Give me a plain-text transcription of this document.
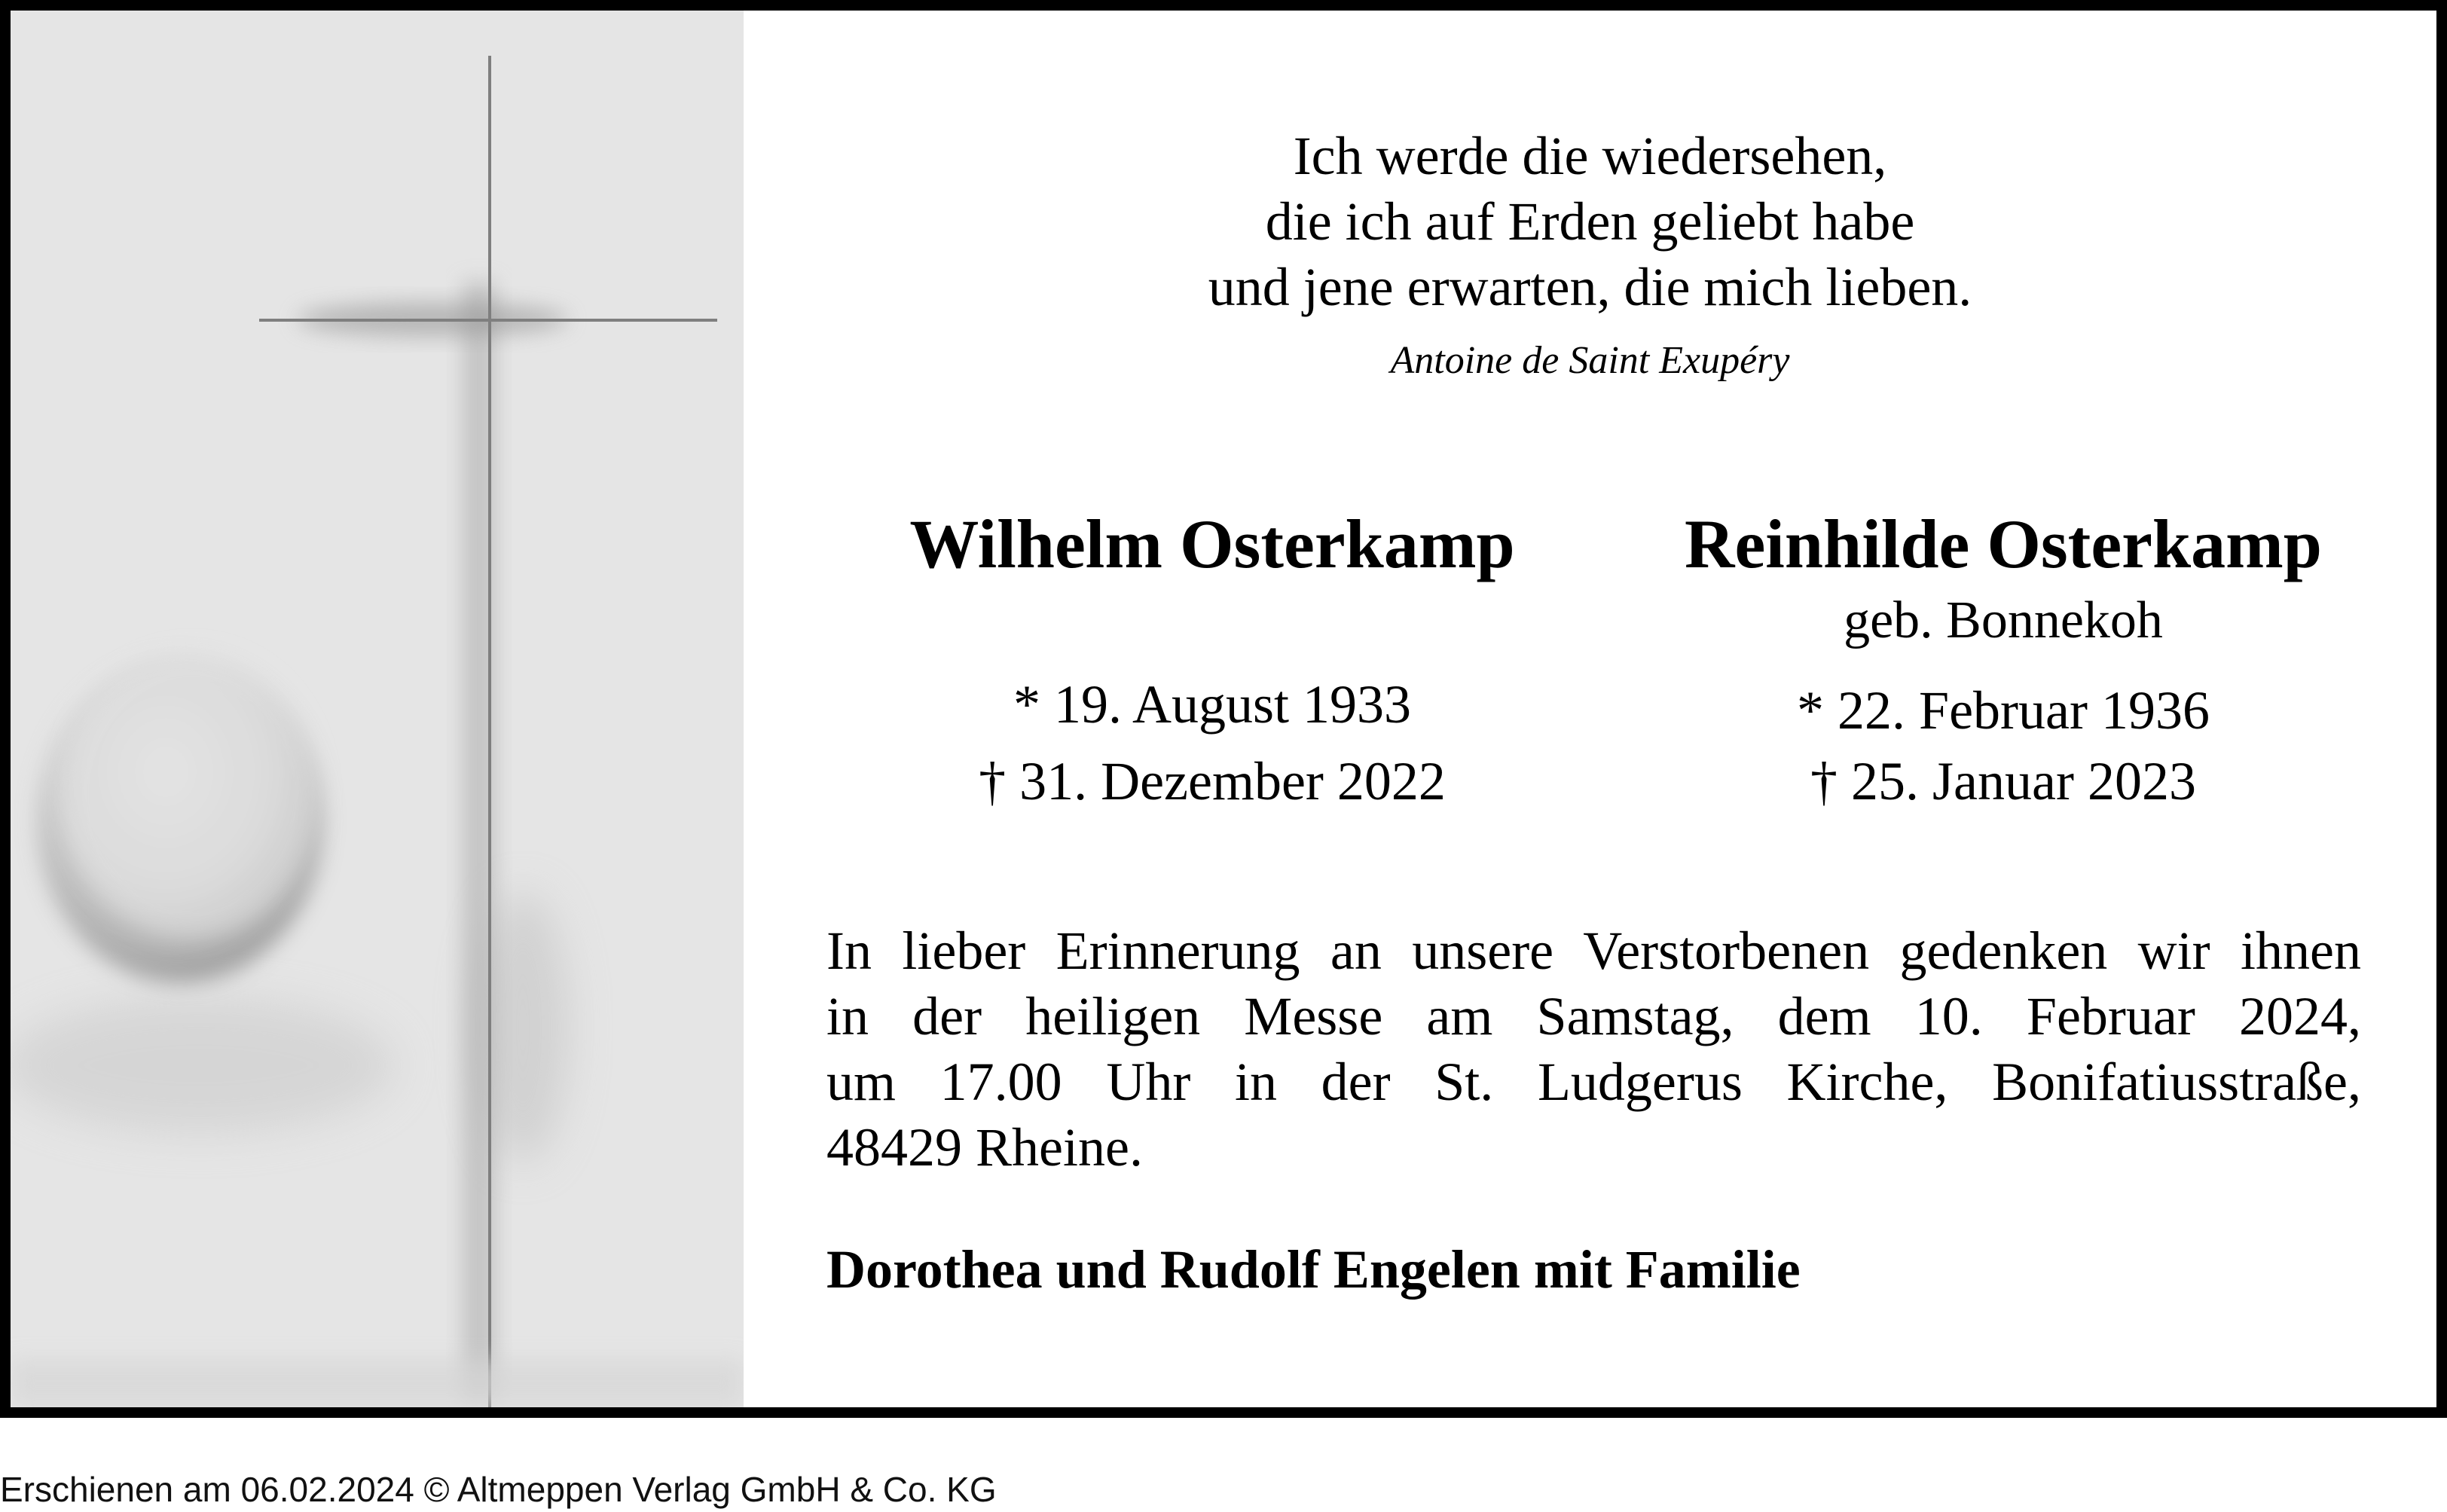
Ich werde die wiedersehen,
die ich auf Erden geliebt habe
und jene erwarten, die mich lieben.
Antoine de Saint Exupéry
Wilhelm Osterkamp
* 19. August 1933
† 31. Dezember 2022
Reinhilde Osterkamp
geb. Bonnekoh
* 22. Februar 1936
† 25. Januar 2023
In lieber Erinnerung an unsere Verstorbenen gedenken wir ihnen
in der heiligen Messe am Samstag, dem 10. Februar 2024,
um 17.00 Uhr in der St. Ludgerus Kirche, Bonifatiusstraße,
48429 Rheine.
Dorothea und Rudolf Engelen mit Familie
Erschienen am 06.02.2024 © Altmeppen Verlag GmbH & Co. KG
